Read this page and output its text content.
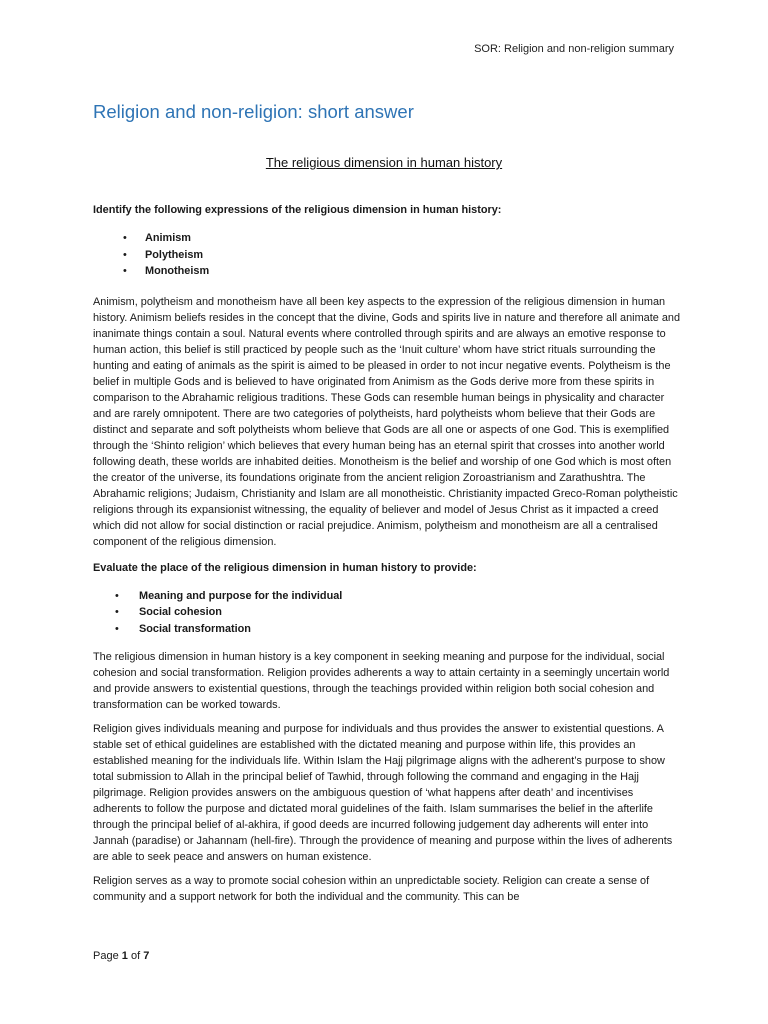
SOR: Religion and non-religion summary
Religion and non-religion: short answer
The religious dimension in human history

Identify the following expressions of the religious dimension in human history:

• Animism
• Polytheism
• Monotheism

Animism, polytheism and monotheism have all been key aspects to the expression of the religious dimension in human history. Animism beliefs resides in the concept that the divine, Gods and spirits live in nature and therefore all animate and inanimate things contain a soul. Natural events where controlled through spirits and are always an emotive response to human action, this belief is still practiced by people such as the ‘Inuit culture’ whom have strict rituals surrounding the hunting and eating of animals as the spirit is aimed to be pleased in order to not incur negative events. Polytheism is the belief in multiple Gods and is believed to have originated from Animism as the Gods derive more from these spirits in comparison to the Abrahamic religious traditions. These Gods can resemble human beings in physicality and character and are rarely omnipotent. There are two categories of polytheists, hard polytheists whom believe that their Gods are distinct and separate and soft polytheists whom believe that Gods are all one or aspects of one God. This is exemplified through the ‘Shinto religion’ which believes that every human being has an eternal spirit that crosses into another world following death, these worlds are inhabited deities. Monotheism is the belief and worship of one God which is most often the creator of the universe, its foundations originate from the ancient religion Zoroastrianism and Zarathushtra. The Abrahamic religions; Judaism, Christianity and Islam are all monotheistic. Christianity impacted Greco-Roman polytheistic religions through its expansionist witnessing, the equality of believer and model of Jesus Christ as it impacted a creed which did not allow for social distinction or racial prejudice. Animism, polytheism and monotheism are all a centralised component of the religious dimension.

Evaluate the place of the religious dimension in human history to provide:

• Meaning and purpose for the individual
• Social cohesion
• Social transformation

The religious dimension in human history is a key component in seeking meaning and purpose for the individual, social cohesion and social transformation. Religion provides adherents a way to attain certainty in a seemingly uncertain world and provide answers to existential questions, through the teachings provided within religion both social cohesion and transformation can be worked towards.

Religion gives individuals meaning and purpose for individuals and thus provides the answer to existential questions. A stable set of ethical guidelines are established with the dictated meaning and purpose within life, this provides an established meaning for the individuals life. Within Islam the Hajj pilgrimage aligns with the adherent’s purpose to show total submission to Allah in the principal belief of Tawhid, through following the command and engaging in the Hajj pilgrimage. Religion provides answers on the ambiguous question of ‘what happens after death’ and incentivises adherents to follow the purpose and dictated moral guidelines of the faith. Islam summarises the belief in the afterlife through the principal belief of al-akhira, if good deeds are incurred following judgement day adherents will enter into Jannah (paradise) or Jahannam (hell-fire). Through the providence of meaning and purpose within the lives of adherents are able to seek peace and answers on human existence.

Religion serves as a way to promote social cohesion within an unpredictable society. Religion can create a sense of community and a support network for both the individual and the community. This can be

Page 1 of 7
